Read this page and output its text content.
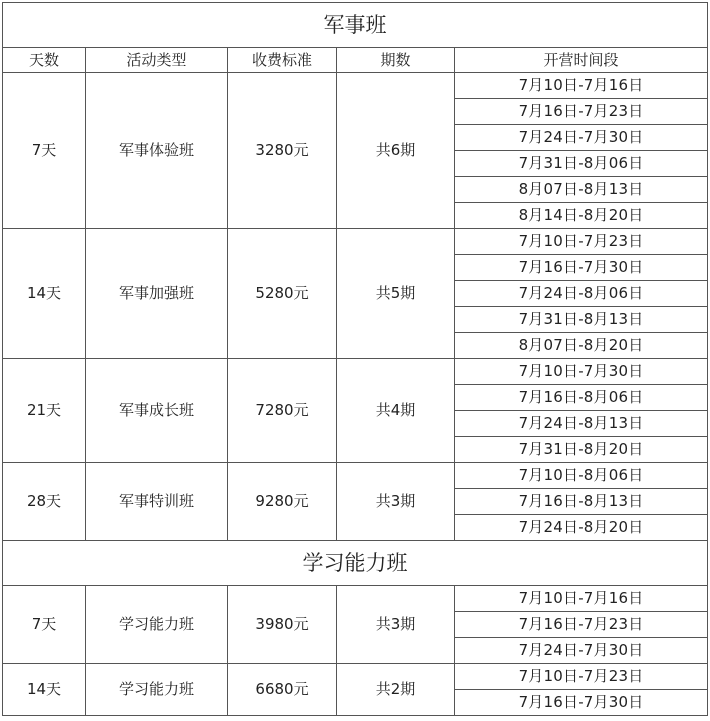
军事班				
天数	活动类型	收费标准	期数	开营时间段
7天	军事体验班	3280元	共6期	7月10日-7月16日
				7月16日-7月23日
				7月24日-7月30日
				7月31日-8月06日
				8月07日-8月13日
				8月14日-8月20日
14天	军事加强班	5280元	共5期	7月10日-7月23日
				7月16日-7月30日
				7月24日-8月06日
				7月31日-8月13日
				8月07日-8月20日
21天	军事成长班	7280元	共4期	7月10日-7月30日
				7月16日-8月06日
				7月24日-8月13日
				7月31日-8月20日
28天	军事特训班	9280元	共3期	7月10日-8月06日
				7月16日-8月13日
				7月24日-8月20日
学习能力班				
7天	学习能力班	3980元	共3期	7月10日-7月16日
				7月16日-7月23日
				7月24日-7月30日
14天	学习能力班	6680元	共2期	7月10日-7月23日
				7月16日-7月30日
